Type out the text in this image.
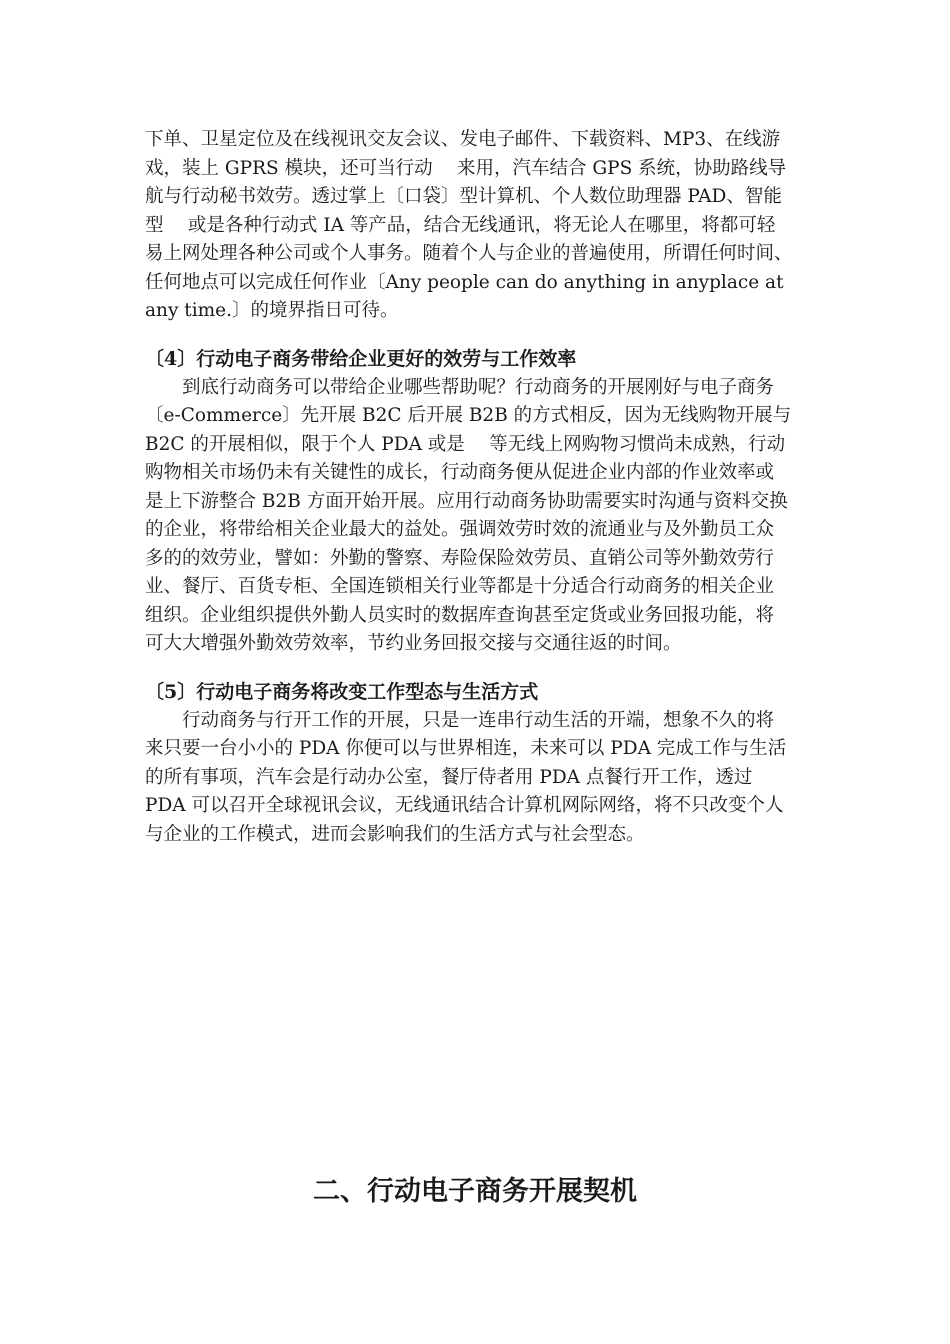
下单、卫星定位及在线视讯交友会议、发电子邮件、下载资料、MP3、在线游
戏，装上 GPRS 模块，还可当行动　 来用，汽车结合 GPS 系统，协助路线导
航与行动秘书效劳。透过掌上〔口袋〕型计算机、个人数位助理器 PAD、智能
型　 或是各种行动式 IA 等产品，结合无线通讯，将无论人在哪里，将都可轻
易上网处理各种公司或个人事务。随着个人与企业的普遍使用，所谓任何时间、
任何地点可以完成任何作业〔Any people can do anything in anyplace at
any time.〕的境界指日可待。
〔4〕行动电子商务带给企业更好的效劳与工作效率
到底行动商务可以带给企业哪些帮助呢？行动商务的开展刚好与电子商务
〔e-Commerce〕先开展 B2C 后开展 B2B 的方式相反，因为无线购物开展与
B2C 的开展相似，限于个人 PDA 或是　 等无线上网购物习惯尚未成熟，行动
购物相关市场仍未有关键性的成长，行动商务便从促进企业内部的作业效率或
是上下游整合 B2B 方面开始开展。应用行动商务协助需要实时沟通与资料交换
的企业，将带给相关企业最大的益处。强调效劳时效的流通业与及外勤员工众
多的的效劳业，譬如：外勤的警察、寿险保险效劳员、直销公司等外勤效劳行
业、餐厅、百货专柜、全国连锁相关行业等都是十分适合行动商务的相关企业
组织。企业组织提供外勤人员实时的数据库查询甚至定货或业务回报功能，将
可大大增强外勤效劳效率，节约业务回报交接与交通往返的时间。
〔5〕行动电子商务将改变工作型态与生活方式
行动商务与行开工作的开展，只是一连串行动生活的开端，想象不久的将
来只要一台小小的 PDA 你便可以与世界相连，未来可以 PDA 完成工作与生活
的所有事项，汽车会是行动办公室，餐厅侍者用 PDA 点餐行开工作，透过
PDA 可以召开全球视讯会议，无线通讯结合计算机网际网络，将不只改变个人
与企业的工作模式，进而会影响我们的生活方式与社会型态。
二、行动电子商务开展契机
